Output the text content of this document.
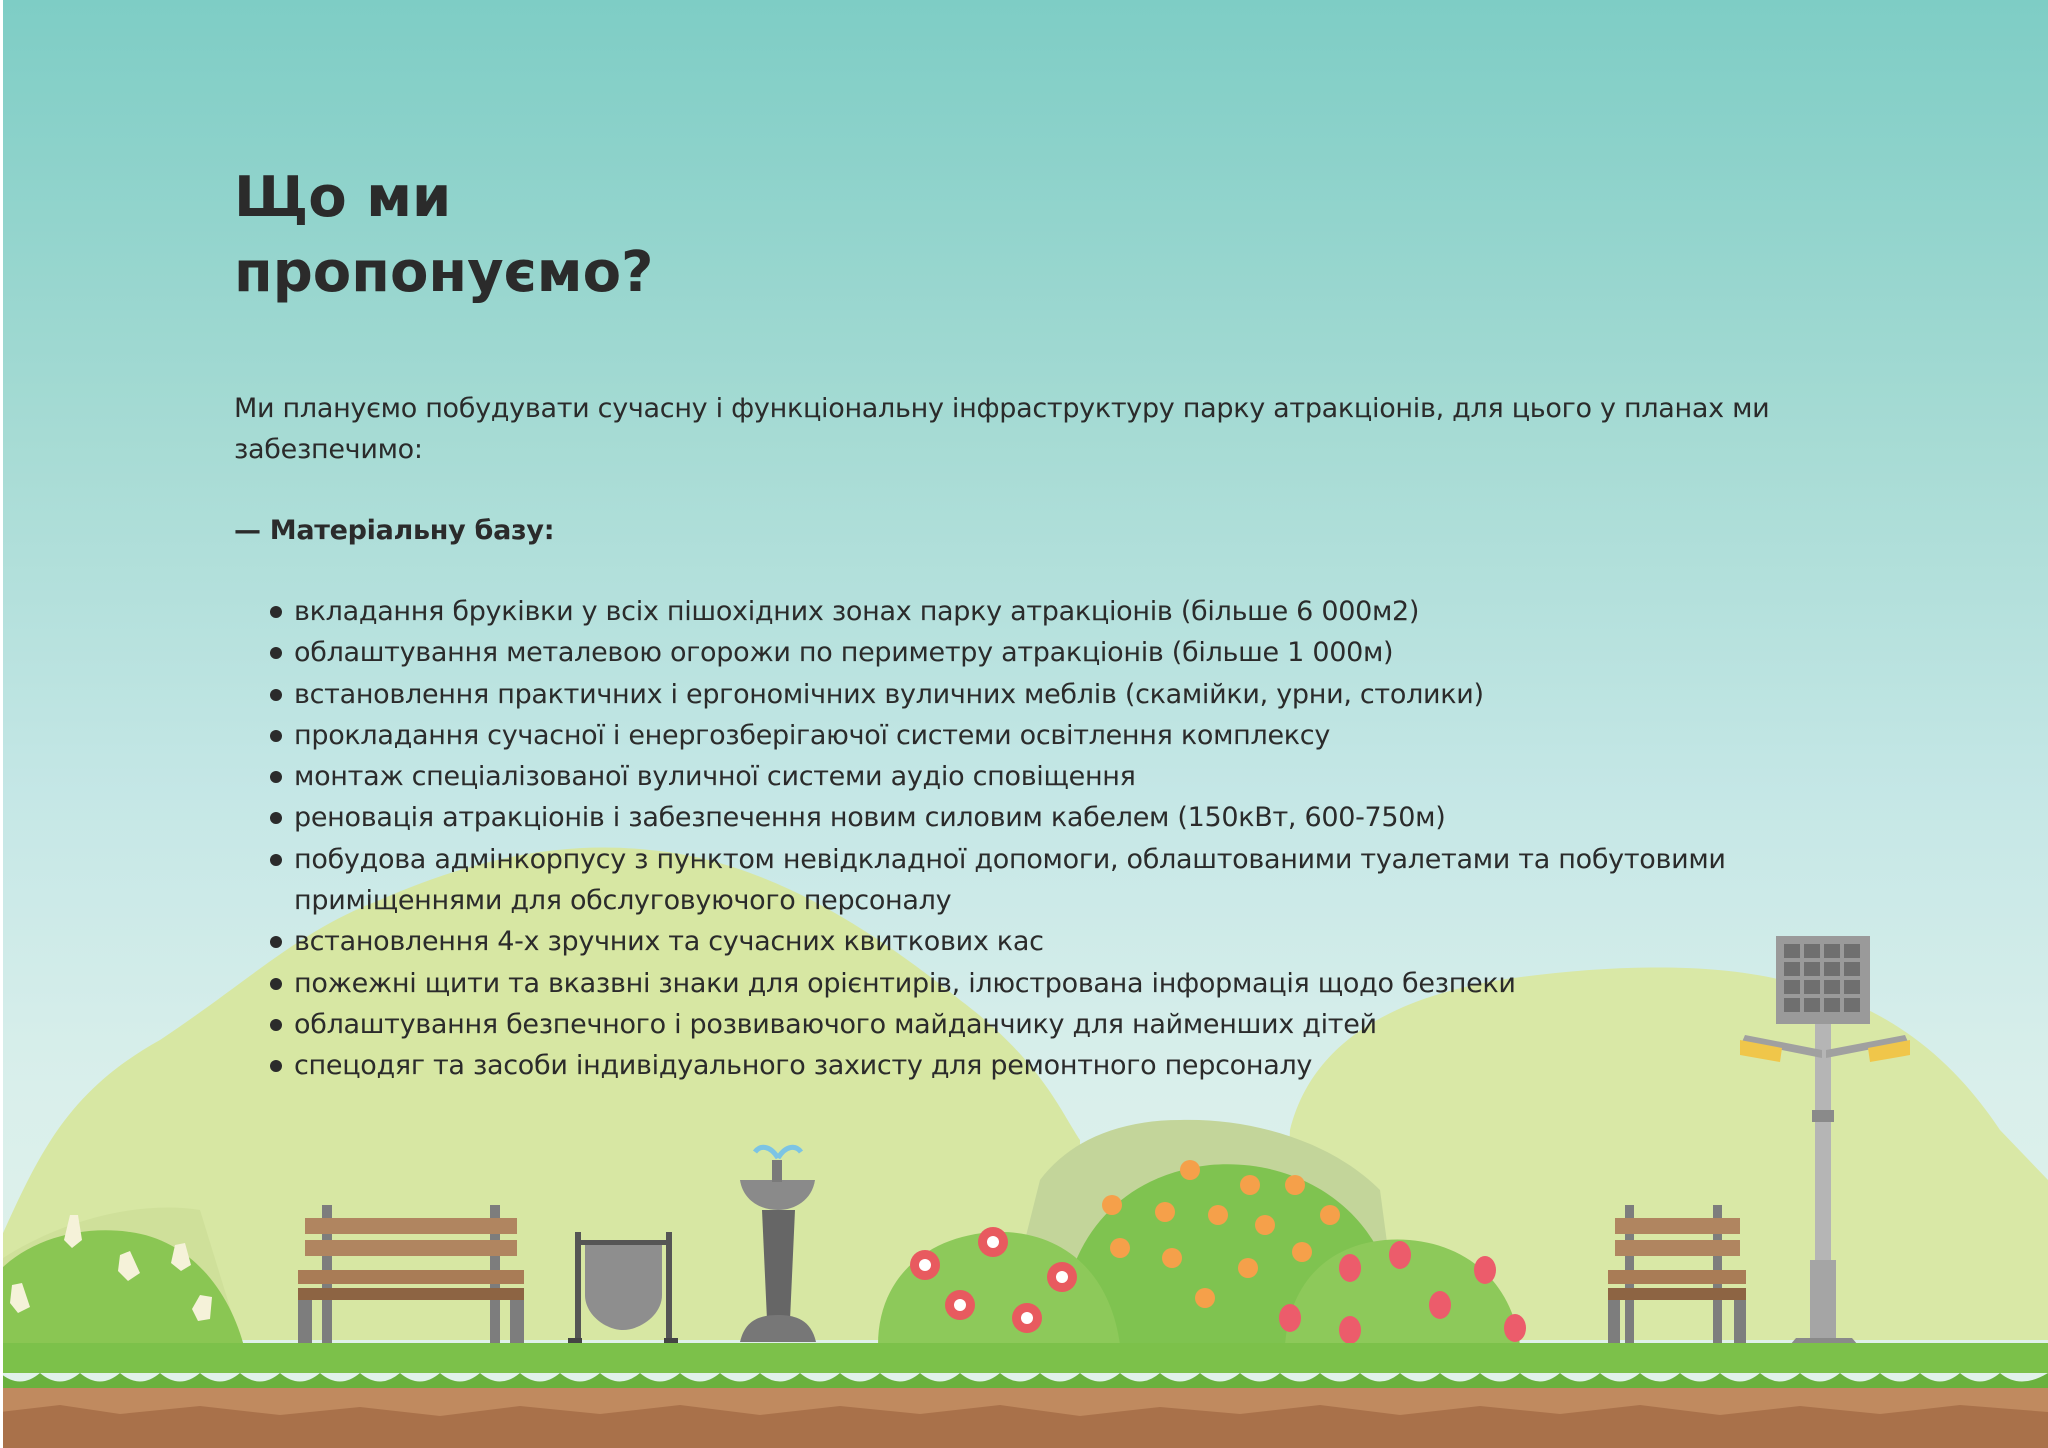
Що ми
пропонуємо?

Ми плануємо побудувати сучасну і функціональну інфраструктуру парку атракціонів, для цього у планах ми забезпечимо:

— Матеріальну базу:

вкладання бруківки у всіх пішохідних зонах парку атракціонів (більше 6 000м2)
облаштування металевою огорожи по периметру атракціонів (більше 1 000м)
встановлення практичних і ергономічних вуличних меблів (скамійки, урни, столики)
прокладання сучасної і енергозберігаючої системи освітлення комплексу
монтаж спеціалізованої вуличної системи аудіо сповіщення
реновація атракціонів і забезпечення новим силовим кабелем (150кВт, 600-750м)
побудова адмінкорпусу з пунктом невідкладної допомоги, облаштованими туалетами та побутовими приміщеннями для обслуговуючого персоналу
встановлення 4-х зручних та сучасних квиткових кас
пожежні щити та вказвні знаки для орієнтирів, ілюстрована інформація щодо безпеки
облаштування безпечного і розвиваючого майданчику для найменших дітей
спецодяг та засоби індивідуального захисту для ремонтного персоналу
